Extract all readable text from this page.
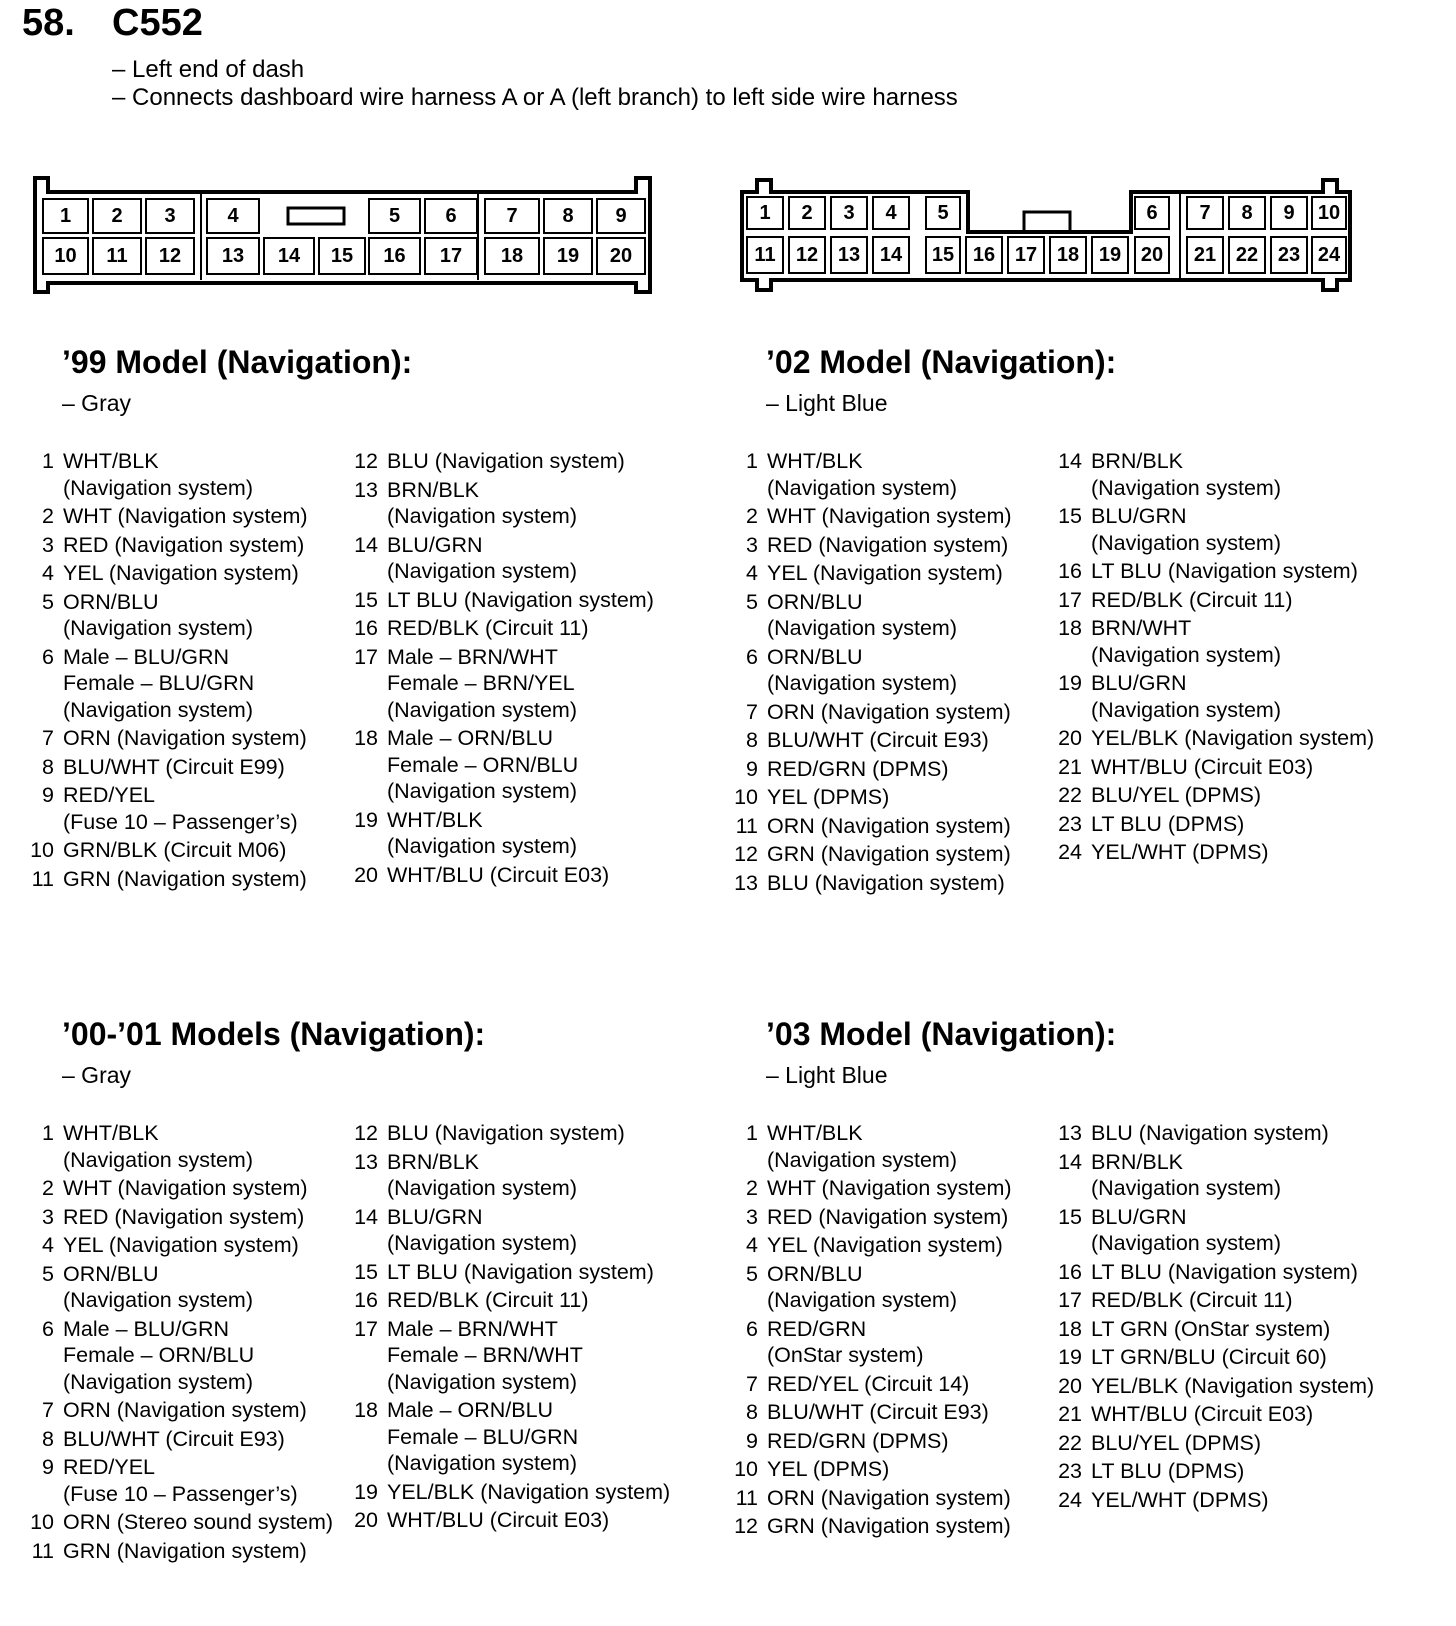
58. C552
– Left end of dash
– Connects dashboard wire harness A or A (left branch) to left side wire harness
1	2	3	4	5	6	7	8	9
10	11	12	13	14	15	16	17	18	19	20
1	2	3	4	5	6	7	8	9	10
11	12 13 14	15 16 17 18 19 20	21 22 23 24
’99 Model (Navigation):
– Gray
1 WHT/BLK
(Navigation system)
2 WHT (Navigation system)
3 RED (Navigation system)
4 YEL (Navigation system)
5 ORN/BLU
(Navigation system)
6 Male – BLU/GRN
Female – BLU/GRN
(Navigation system)
7 ORN (Navigation system)
8 BLU/WHT (Circuit E99)
9 RED/YEL
(Fuse 10 – Passenger’s)
10 GRN/BLK (Circuit M06)
11 GRN (Navigation system)
12 BLU (Navigation system)
13 BRN/BLK
(Navigation system)
14 BLU/GRN
(Navigation system)
15 LT BLU (Navigation system)
16 RED/BLK (Circuit 11)
17 Male – BRN/WHT
Female – BRN/YEL
(Navigation system)
18 Male – ORN/BLU
Female – ORN/BLU
(Navigation system)
19 WHT/BLK
(Navigation system)
20 WHT/BLU (Circuit E03)
’02 Model (Navigation):
– Light Blue
1 WHT/BLK
(Navigation system)
2 WHT (Navigation system)
3 RED (Navigation system)
4 YEL (Navigation system)
5 ORN/BLU
(Navigation system)
6 ORN/BLU
(Navigation system)
7 ORN (Navigation system)
8 BLU/WHT (Circuit E93)
9 RED/GRN (DPMS)
10 YEL (DPMS)
11 ORN (Navigation system)
12 GRN (Navigation system)
13 BLU (Navigation system)
14 BRN/BLK
(Navigation system)
15 BLU/GRN
(Navigation system)
16 LT BLU (Navigation system)
17 RED/BLK (Circuit 11)
18 BRN/WHT
(Navigation system)
19 BLU/GRN
(Navigation system)
20 YEL/BLK (Navigation system)
21 WHT/BLU (Circuit E03)
22 BLU/YEL (DPMS)
23 LT BLU (DPMS)
24 YEL/WHT (DPMS)
’00-’01 Models (Navigation):
– Gray
1 WHT/BLK
(Navigation system)
2 WHT (Navigation system)
3 RED (Navigation system)
4 YEL (Navigation system)
5 ORN/BLU
(Navigation system)
6 Male – BLU/GRN
Female – ORN/BLU
(Navigation system)
7 ORN (Navigation system)
8 BLU/WHT (Circuit E93)
9 RED/YEL
(Fuse 10 – Passenger’s)
10 ORN (Stereo sound system)
11 GRN (Navigation system)
12 BLU (Navigation system)
13 BRN/BLK
(Navigation system)
14 BLU/GRN
(Navigation system)
15 LT BLU (Navigation system)
16 RED/BLK (Circuit 11)
17 Male – BRN/WHT
Female – BRN/WHT
(Navigation system)
18 Male – ORN/BLU
Female – BLU/GRN
(Navigation system)
19 YEL/BLK (Navigation system)
20 WHT/BLU (Circuit E03)
’03 Model (Navigation):
– Light Blue
1 WHT/BLK
(Navigation system)
2 WHT (Navigation system)
3 RED (Navigation system)
4 YEL (Navigation system)
5 ORN/BLU
(Navigation system)
6 RED/GRN
(OnStar system)
7 RED/YEL (Circuit 14)
8 BLU/WHT (Circuit E93)
9 RED/GRN (DPMS)
10 YEL (DPMS)
11 ORN (Navigation system)
12 GRN (Navigation system)
13 BLU (Navigation system)
14 BRN/BLK
(Navigation system)
15 BLU/GRN
(Navigation system)
16 LT BLU (Navigation system)
17 RED/BLK (Circuit 11)
18 LT GRN (OnStar system)
19 LT GRN/BLU (Circuit 60)
20 YEL/BLK (Navigation system)
21 WHT/BLU (Circuit E03)
22 BLU/YEL (DPMS)
23 LT BLU (DPMS)
24 YEL/WHT (DPMS)
